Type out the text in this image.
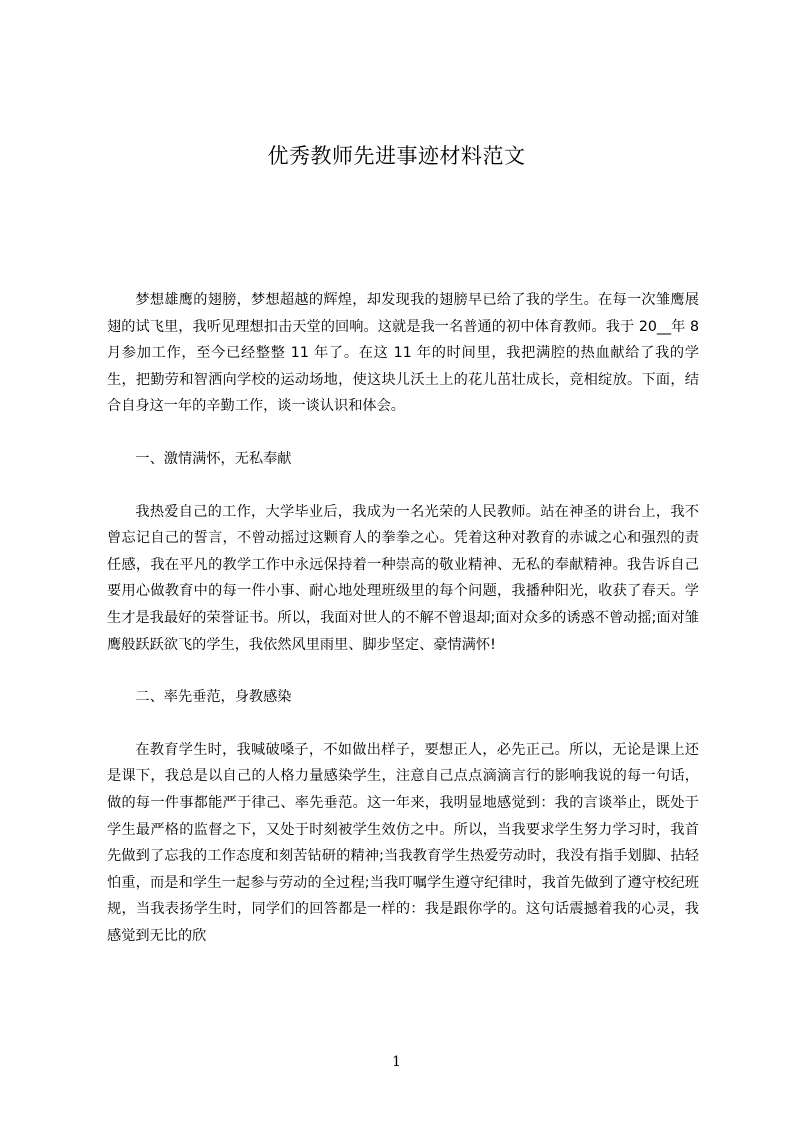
优秀教师先进事迹材料范文

梦想雄鹰的翅膀，梦想超越的辉煌，却发现我的翅膀早已给了我的学生。在每一次雏鹰展翅的试飞里，我听见理想扣击天堂的回响。这就是我一名普通的初中体育教师。我于 20__年 8 月参加工作，至今已经整整 11 年了。在这 11 年的时间里，我把满腔的热血献给了我的学生，把勤劳和智洒向学校的运动场地，使这块儿沃土上的花儿茁壮成长，竞相绽放。下面，结合自身这一年的辛勤工作，谈一谈认识和体会。

一、激情满怀，无私奉献

我热爱自己的工作，大学毕业后，我成为一名光荣的人民教师。站在神圣的讲台上，我不曾忘记自己的誓言，不曾动摇过这颗育人的拳拳之心。凭着这种对教育的赤诚之心和强烈的责任感，我在平凡的教学工作中永远保持着一种崇高的敬业精神、无私的奉献精神。我告诉自己要用心做教育中的每一件小事、耐心地处理班级里的每个问题，我播种阳光，收获了春天。学生才是我最好的荣誉证书。所以，我面对世人的不解不曾退却;面对众多的诱惑不曾动摇;面对雏鹰般跃跃欲飞的学生，我依然风里雨里、脚步坚定、豪情满怀!

二、率先垂范，身教感染

在教育学生时，我喊破嗓子，不如做出样子，要想正人，必先正己。所以，无论是课上还是课下，我总是以自己的人格力量感染学生，注意自己点点滴滴言行的影响我说的每一句话，做的每一件事都能严于律己、率先垂范。这一年来，我明显地感觉到：我的言谈举止，既处于学生最严格的监督之下，又处于时刻被学生效仿之中。所以，当我要求学生努力学习时，我首先做到了忘我的工作态度和刻苦钻研的精神;当我教育学生热爱劳动时，我没有指手划脚、拈轻怕重，而是和学生一起参与劳动的全过程;当我叮嘱学生遵守纪律时，我首先做到了遵守校纪班规，当我表扬学生时，同学们的回答都是一样的：我是跟你学的。这句话震撼着我的心灵，我感觉到无比的欣

1
